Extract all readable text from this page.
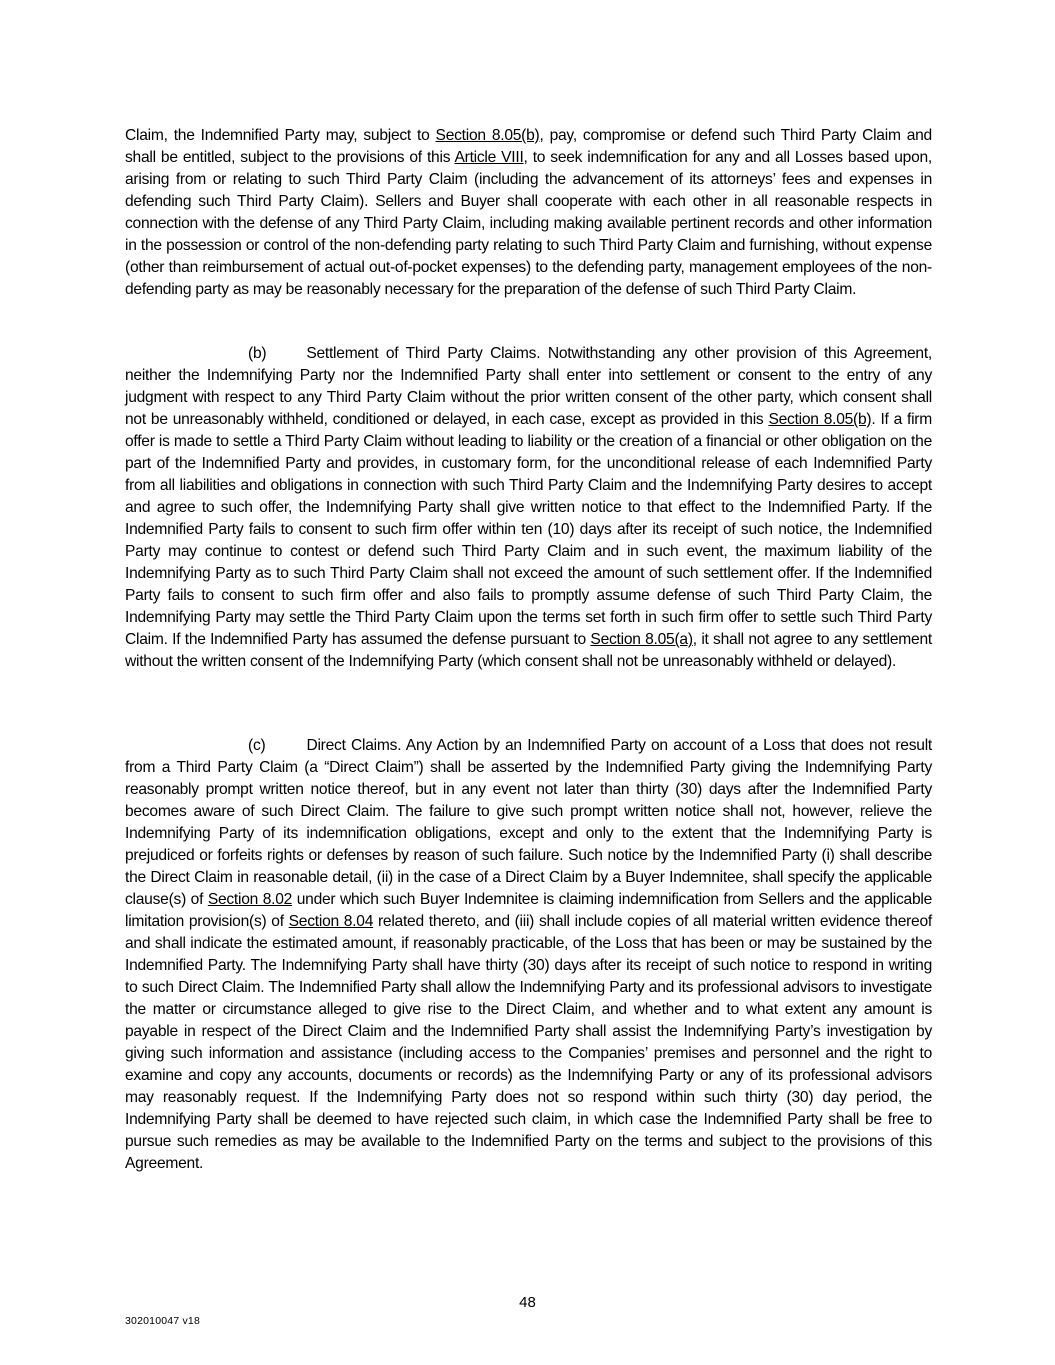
Claim, the Indemnified Party may, subject to Section 8.05(b), pay, compromise or defend such Third Party Claim and shall be entitled, subject to the provisions of this Article VIII, to seek indemnification for any and all Losses based upon, arising from or relating to such Third Party Claim (including the advancement of its attorneys’ fees and expenses in defending such Third Party Claim). Sellers and Buyer shall cooperate with each other in all reasonable respects in connection with the defense of any Third Party Claim, including making available pertinent records and other information in the possession or control of the non-defending party relating to such Third Party Claim and furnishing, without expense (other than reimbursement of actual out-of-pocket expenses) to the defending party, management employees of the non-defending party as may be reasonably necessary for the preparation of the defense of such Third Party Claim.

(b)	Settlement of Third Party Claims. Notwithstanding any other provision of this Agreement, neither the Indemnifying Party nor the Indemnified Party shall enter into settlement or consent to the entry of any judgment with respect to any Third Party Claim without the prior written consent of the other party, which consent shall not be unreasonably withheld, conditioned or delayed, in each case, except as provided in this Section 8.05(b). If a firm offer is made to settle a Third Party Claim without leading to liability or the creation of a financial or other obligation on the part of the Indemnified Party and provides, in customary form, for the unconditional release of each Indemnified Party from all liabilities and obligations in connection with such Third Party Claim and the Indemnifying Party desires to accept and agree to such offer, the Indemnifying Party shall give written notice to that effect to the Indemnified Party. If the Indemnified Party fails to consent to such firm offer within ten (10) days after its receipt of such notice, the Indemnified Party may continue to contest or defend such Third Party Claim and in such event, the maximum liability of the Indemnifying Party as to such Third Party Claim shall not exceed the amount of such settlement offer. If the Indemnified Party fails to consent to such firm offer and also fails to promptly assume defense of such Third Party Claim, the Indemnifying Party may settle the Third Party Claim upon the terms set forth in such firm offer to settle such Third Party Claim. If the Indemnified Party has assumed the defense pursuant to Section 8.05(a), it shall not agree to any settlement without the written consent of the Indemnifying Party (which consent shall not be unreasonably withheld or delayed).

(c)	Direct Claims. Any Action by an Indemnified Party on account of a Loss that does not result from a Third Party Claim (a “Direct Claim”) shall be asserted by the Indemnified Party giving the Indemnifying Party reasonably prompt written notice thereof, but in any event not later than thirty (30) days after the Indemnified Party becomes aware of such Direct Claim. The failure to give such prompt written notice shall not, however, relieve the Indemnifying Party of its indemnification obligations, except and only to the extent that the Indemnifying Party is prejudiced or forfeits rights or defenses by reason of such failure. Such notice by the Indemnified Party (i) shall describe the Direct Claim in reasonable detail, (ii) in the case of a Direct Claim by a Buyer Indemnitee, shall specify the applicable clause(s) of Section 8.02 under which such Buyer Indemnitee is claiming indemnification from Sellers and the applicable limitation provision(s) of Section 8.04 related thereto, and (iii) shall include copies of all material written evidence thereof and shall indicate the estimated amount, if reasonably practicable, of the Loss that has been or may be sustained by the Indemnified Party. The Indemnifying Party shall have thirty (30) days after its receipt of such notice to respond in writing to such Direct Claim. The Indemnified Party shall allow the Indemnifying Party and its professional advisors to investigate the matter or circumstance alleged to give rise to the Direct Claim, and whether and to what extent any amount is payable in respect of the Direct Claim and the Indemnified Party shall assist the Indemnifying Party’s investigation by giving such information and assistance (including access to the Companies’ premises and personnel and the right to examine and copy any accounts, documents or records) as the Indemnifying Party or any of its professional advisors may reasonably request. If the Indemnifying Party does not so respond within such thirty (30) day period, the Indemnifying Party shall be deemed to have rejected such claim, in which case the Indemnified Party shall be free to pursue such remedies as may be available to the Indemnified Party on the terms and subject to the provisions of this Agreement.

48
302010047 v18
